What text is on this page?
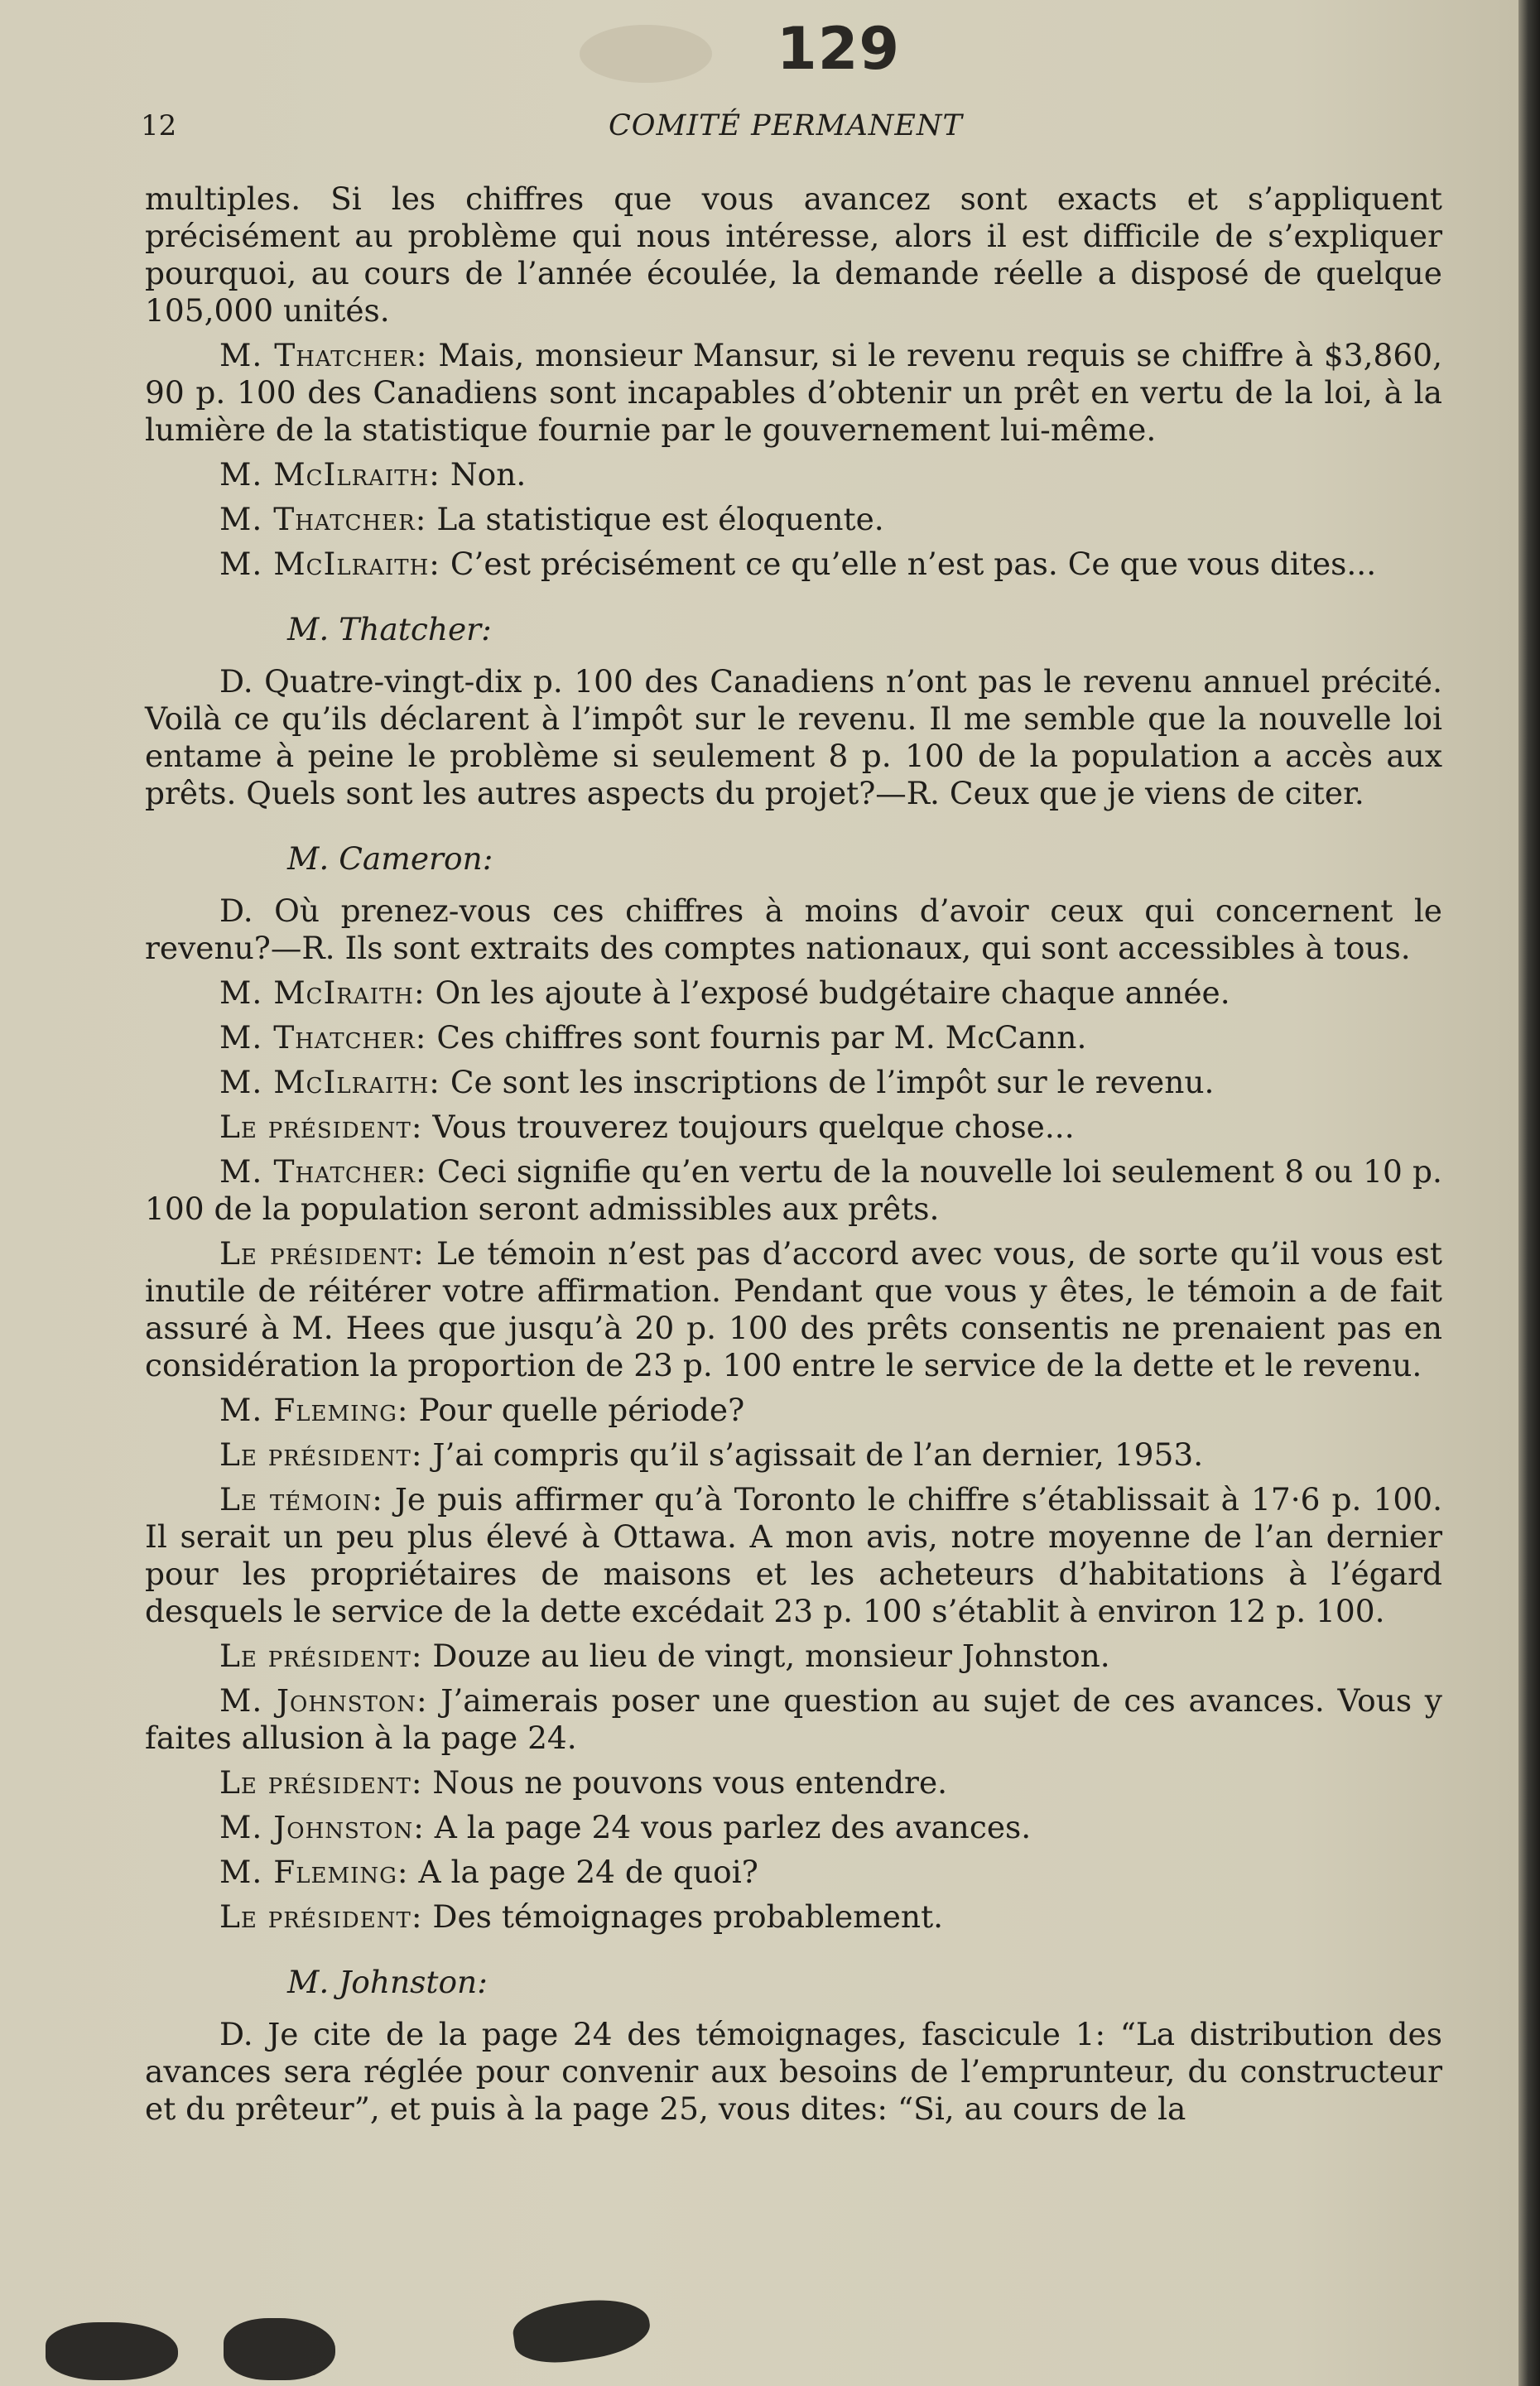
129
12	COMITÉ PERMANENT

multiples. Si les chiffres que vous avancez sont exacts et s’appliquent précisément au problème qui nous intéresse, alors il est difficile de s’expliquer pourquoi, au cours de l’année écoulée, la demande réelle a disposé de quelque 105,000 unités.

M. Thatcher: Mais, monsieur Mansur, si le revenu requis se chiffre à $3,860, 90 p. 100 des Canadiens sont incapables d’obtenir un prêt en vertu de la loi, à la lumière de la statistique fournie par le gouvernement lui-même.

M. McIlraith: Non.

M. Thatcher: La statistique est éloquente.

M. McIlraith: C’est précisément ce qu’elle n’est pas. Ce que vous dites...

M. Thatcher:

D. Quatre-vingt-dix p. 100 des Canadiens n’ont pas le revenu annuel précité. Voilà ce qu’ils déclarent à l’impôt sur le revenu. Il me semble que la nouvelle loi entame à peine le problème si seulement 8 p. 100 de la population a accès aux prêts. Quels sont les autres aspects du projet?—R. Ceux que je viens de citer.

M. Cameron:

D. Où prenez-vous ces chiffres à moins d’avoir ceux qui concernent le revenu?—R. Ils sont extraits des comptes nationaux, qui sont accessibles à tous.

M. McIraith: On les ajoute à l’exposé budgétaire chaque année.

M. Thatcher: Ces chiffres sont fournis par M. McCann.

M. McIlraith: Ce sont les inscriptions de l’impôt sur le revenu.

Le président: Vous trouverez toujours quelque chose...

M. Thatcher: Ceci signifie qu’en vertu de la nouvelle loi seulement 8 ou 10 p. 100 de la population seront admissibles aux prêts.

Le président: Le témoin n’est pas d’accord avec vous, de sorte qu’il vous est inutile de réitérer votre affirmation. Pendant que vous y êtes, le témoin a de fait assuré à M. Hees que jusqu’à 20 p. 100 des prêts consentis ne prenaient pas en considération la proportion de 23 p. 100 entre le service de la dette et le revenu.

M. Fleming: Pour quelle période?

Le président: J’ai compris qu’il s’agissait de l’an dernier, 1953.

Le témoin: Je puis affirmer qu’à Toronto le chiffre s’établissait à 17·6 p. 100. Il serait un peu plus élevé à Ottawa. A mon avis, notre moyenne de l’an dernier pour les propriétaires de maisons et les acheteurs d’habitations à l’égard desquels le service de la dette excédait 23 p. 100 s’établit à environ 12 p. 100.

Le président: Douze au lieu de vingt, monsieur Johnston.

M. Johnston: J’aimerais poser une question au sujet de ces avances. Vous y faites allusion à la page 24.

Le président: Nous ne pouvons vous entendre.

M. Johnston: A la page 24 vous parlez des avances.

M. Fleming: A la page 24 de quoi?

Le président: Des témoignages probablement.

M. Johnston:

D. Je cite de la page 24 des témoignages, fascicule 1: “La distribution des avances sera réglée pour convenir aux besoins de l’emprunteur, du constructeur et du prêteur”, et puis à la page 25, vous dites: “Si, au cours de la
